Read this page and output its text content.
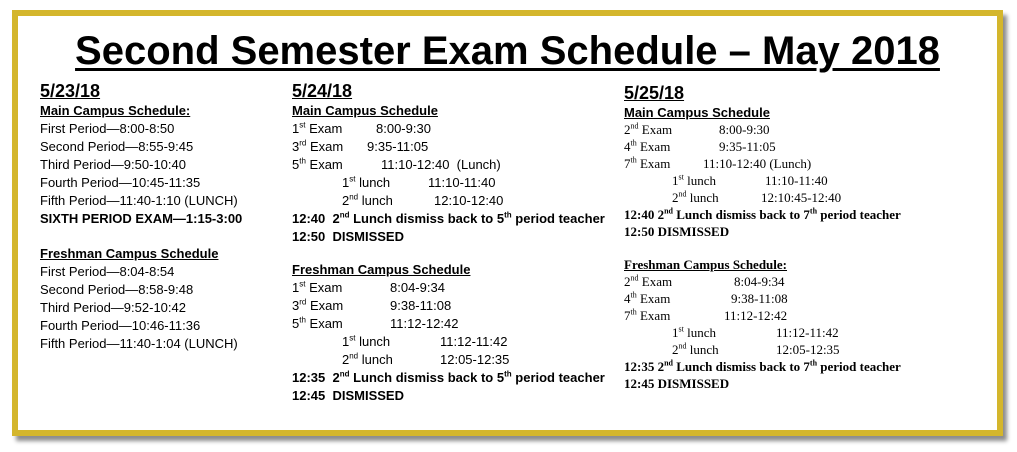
Second Semester Exam Schedule – May 2018
5/23/18
Main Campus Schedule:
First Period—8:00-8:50
Second Period—8:55-9:45
Third Period—9:50-10:40
Fourth Period—10:45-11:35
Fifth Period—11:40-1:10 (LUNCH)
SIXTH PERIOD EXAM—1:15-3:00
Freshman Campus Schedule
First Period—8:04-8:54
Second Period—8:58-9:48
Third Period—9:52-10:42
Fourth Period—10:46-11:36
Fifth Period—11:40-1:04 (LUNCH)
5/24/18
Main Campus Schedule
1st Exam	8:00-9:30
3rd Exam	9:35-11:05
5th Exam	11:10-12:40  (Lunch)
1st lunch	11:10-11:40
2nd lunch	12:10-12:40
12:40  2nd Lunch dismiss back to 5th period teacher
12:50  DISMISSED
Freshman Campus Schedule
1st Exam	8:04-9:34
3rd Exam	9:38-11:08
5th Exam	11:12-12:42
1st lunch	11:12-11:42
2nd lunch	12:05-12:35
12:35  2nd Lunch dismiss back to 5th period teacher
12:45  DISMISSED
5/25/18
Main Campus Schedule
2nd Exam	8:00-9:30
4th Exam	9:35-11:05
7th Exam	11:10-12:40 (Lunch)
1st lunch	11:10-11:40
2nd lunch	12:10:45-12:40
12:40 2nd Lunch dismiss back to 7th period teacher
12:50 DISMISSED
Freshman Campus Schedule:
2nd Exam	8:04-9:34
4th Exam	9:38-11:08
7th Exam	11:12-12:42
1st lunch	11:12-11:42
2nd lunch	12:05-12:35
12:35 2nd Lunch dismiss back to 7th period teacher
12:45 DISMISSED
